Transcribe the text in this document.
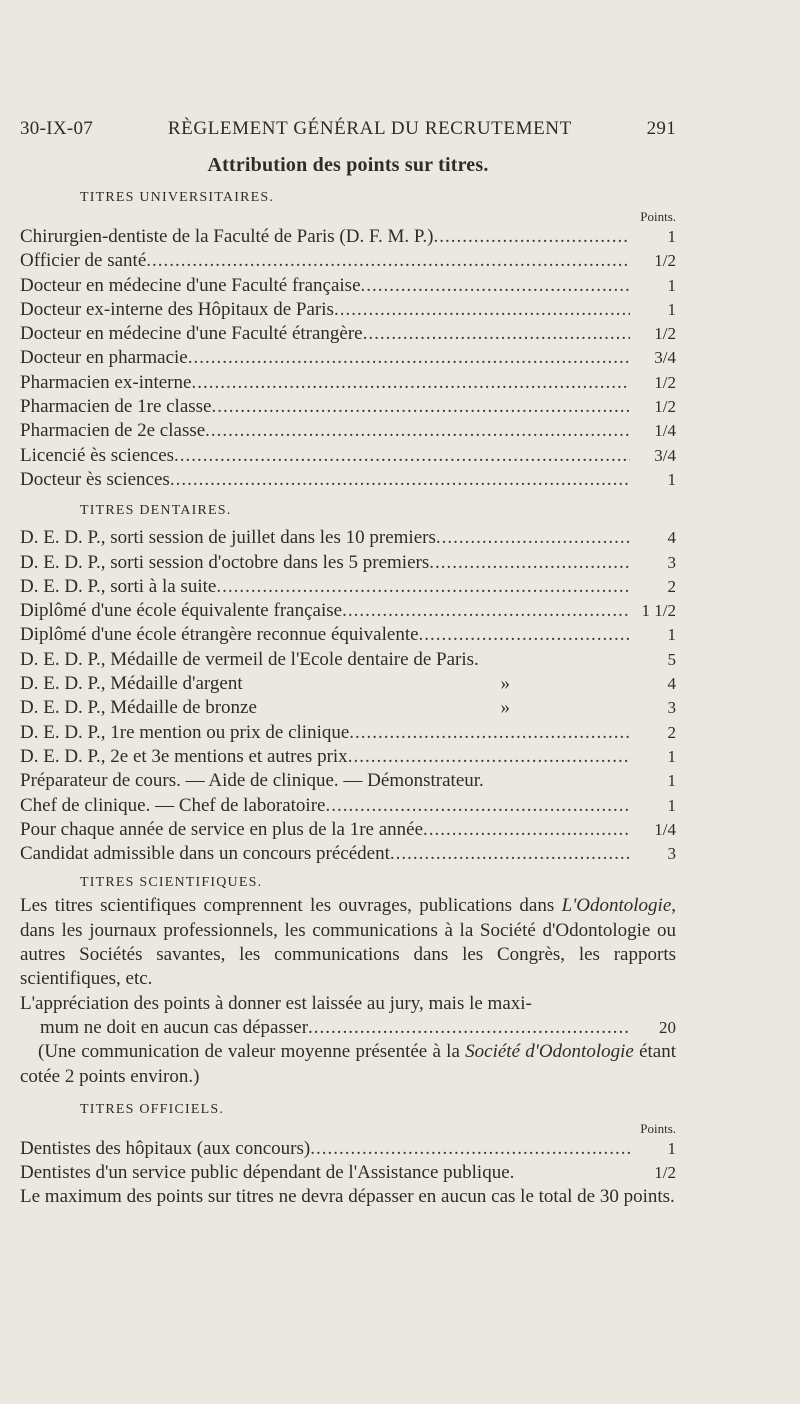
30-IX-07	RÈGLEMENT GÉNÉRAL DU RECRUTEMENT	291
Attribution des points sur titres.
TITRES UNIVERSITAIRES.
Points.
Chirurgien-dentiste de la Faculté de Paris (D. F. M. P.) .....	1
Officier de santé .....	1/2
Docteur en médecine d'une Faculté française .....	1
Docteur ex-interne des Hôpitaux de Paris .....	1
Docteur en médecine d'une Faculté étrangère .....	1/2
Docteur en pharmacie .....	3/4
Pharmacien ex-interne .....	1/2
Pharmacien de 1re classe .....	1/2
Pharmacien de 2e classe .....	1/4
Licencié ès sciences .....	3/4
Docteur ès sciences .....	1
TITRES DENTAIRES.
D. E. D. P., sorti session de juillet dans les 10 premiers .....	4
D. E. D. P., sorti session d'octobre dans les 5 premiers .....	3
D. E. D. P., sorti à la suite .....	2
Diplômé d'une école équivalente française .....	1 1/2
Diplômé d'une école étrangère reconnue équivalente .....	1
D. E. D. P., Médaille de vermeil de l'Ecole dentaire de Paris.	5
D. E. D. P., Médaille d'argent	»	4
D. E. D. P., Médaille de bronze	»	3
D. E. D. P., 1re mention ou prix de clinique .....	2
D. E. D. P., 2e et 3e mentions et autres prix .....	1
Préparateur de cours. — Aide de clinique. — Démonstrateur.	1
Chef de clinique. — Chef de laboratoire .....	1
Pour chaque année de service en plus de la 1re année .....	1/4
Candidat admissible dans un concours précédent .....	3
TITRES SCIENTIFIQUES.

Les titres scientifiques comprennent les ouvrages, publications dans L'Odontologie, dans les journaux professionnels, les communications à la Société d'Odontologie ou autres Sociétés savantes, les communications dans les Congrès, les rapports scientifiques, etc.

L'appréciation des points à donner est laissée au jury, mais le maxi-

mum ne doit en aucun cas dépasser .....	20

(Une communication de valeur moyenne présentée à la Société d'Odontologie étant cotée 2 points environ.)

TITRES OFFICIELS.
Points.
Dentistes des hôpitaux (aux concours) .....	1
Dentistes d'un service public dépendant de l'Assistance publique.	1/2

Le maximum des points sur titres ne devra dépasser en aucun cas le total de 30 points.
